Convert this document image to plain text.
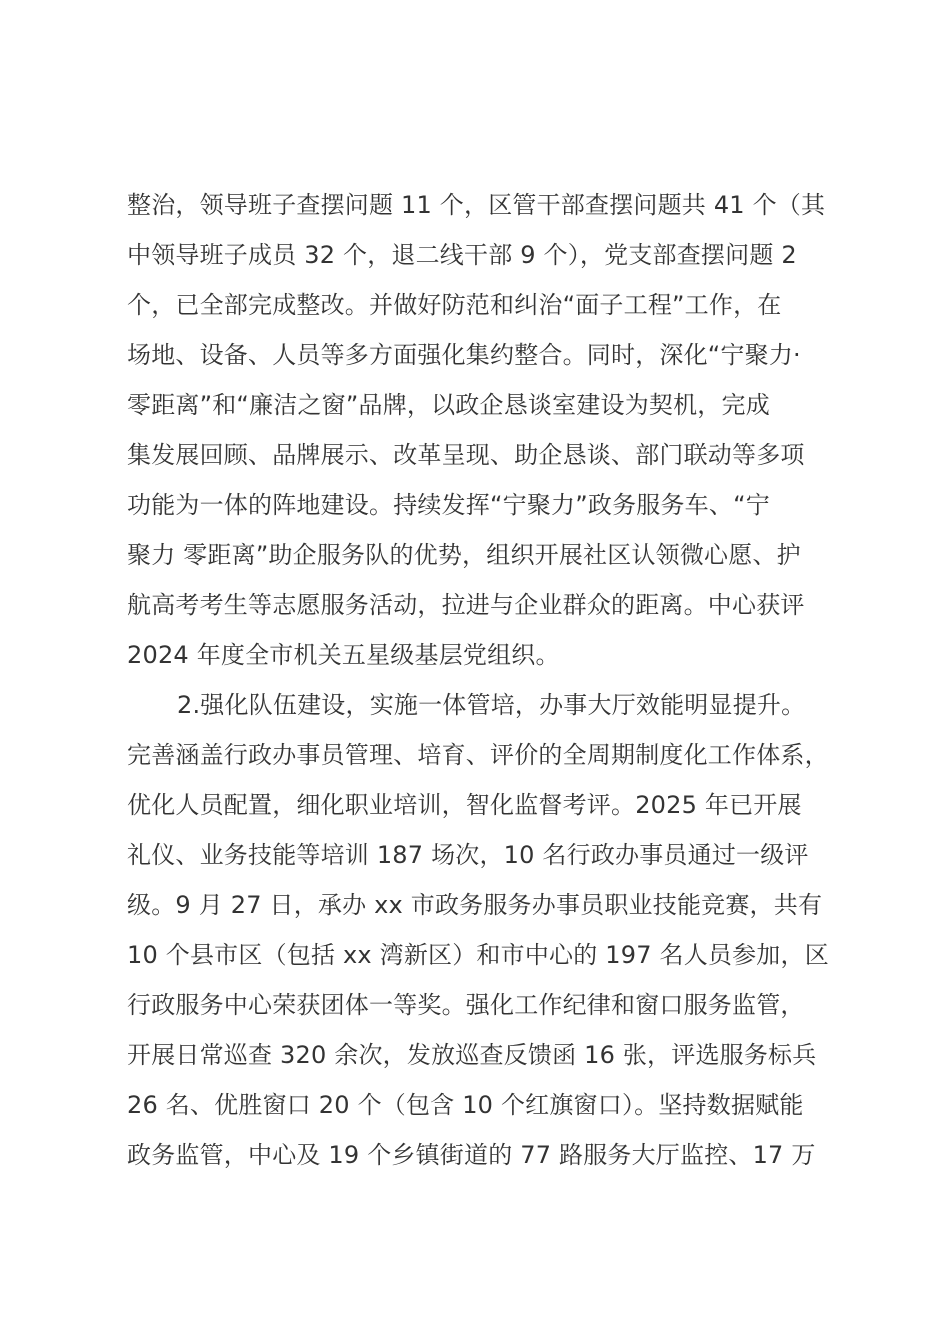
整治，领导班子查摆问题 11 个，区管干部查摆问题共 41 个（其
中领导班子成员 32 个，退二线干部 9 个），党支部查摆问题 2
个，已全部完成整改。并做好防范和纠治“面子工程”工作，在
场地、设备、人员等多方面强化集约整合。同时，深化“宁聚力·
零距离”和“廉洁之窗”品牌，以政企恳谈室建设为契机，完成
集发展回顾、品牌展示、改革呈现、助企恳谈、部门联动等多项
功能为一体的阵地建设。持续发挥“宁聚力”政务服务车、“宁
聚力 零距离”助企服务队的优势，组织开展社区认领微心愿、护
航高考考生等志愿服务活动，拉进与企业群众的距离。中心获评
2024 年度全市机关五星级基层党组织。
2.强化队伍建设，实施一体管培，办事大厅效能明显提升。
完善涵盖行政办事员管理、培育、评价的全周期制度化工作体系，
优化人员配置，细化职业培训，智化监督考评。2025 年已开展
礼仪、业务技能等培训 187 场次，10 名行政办事员通过一级评
级。9 月 27 日，承办 xx 市政务服务办事员职业技能竞赛，共有
10 个县市区（包括 xx 湾新区）和市中心的 197 名人员参加，区
行政服务中心荣获团体一等奖。强化工作纪律和窗口服务监管，
开展日常巡查 320 余次，发放巡查反馈函 16 张，评选服务标兵
26 名、优胜窗口 20 个（包含 10 个红旗窗口）。坚持数据赋能
政务监管，中心及 19 个乡镇街道的 77 路服务大厅监控、17 万
